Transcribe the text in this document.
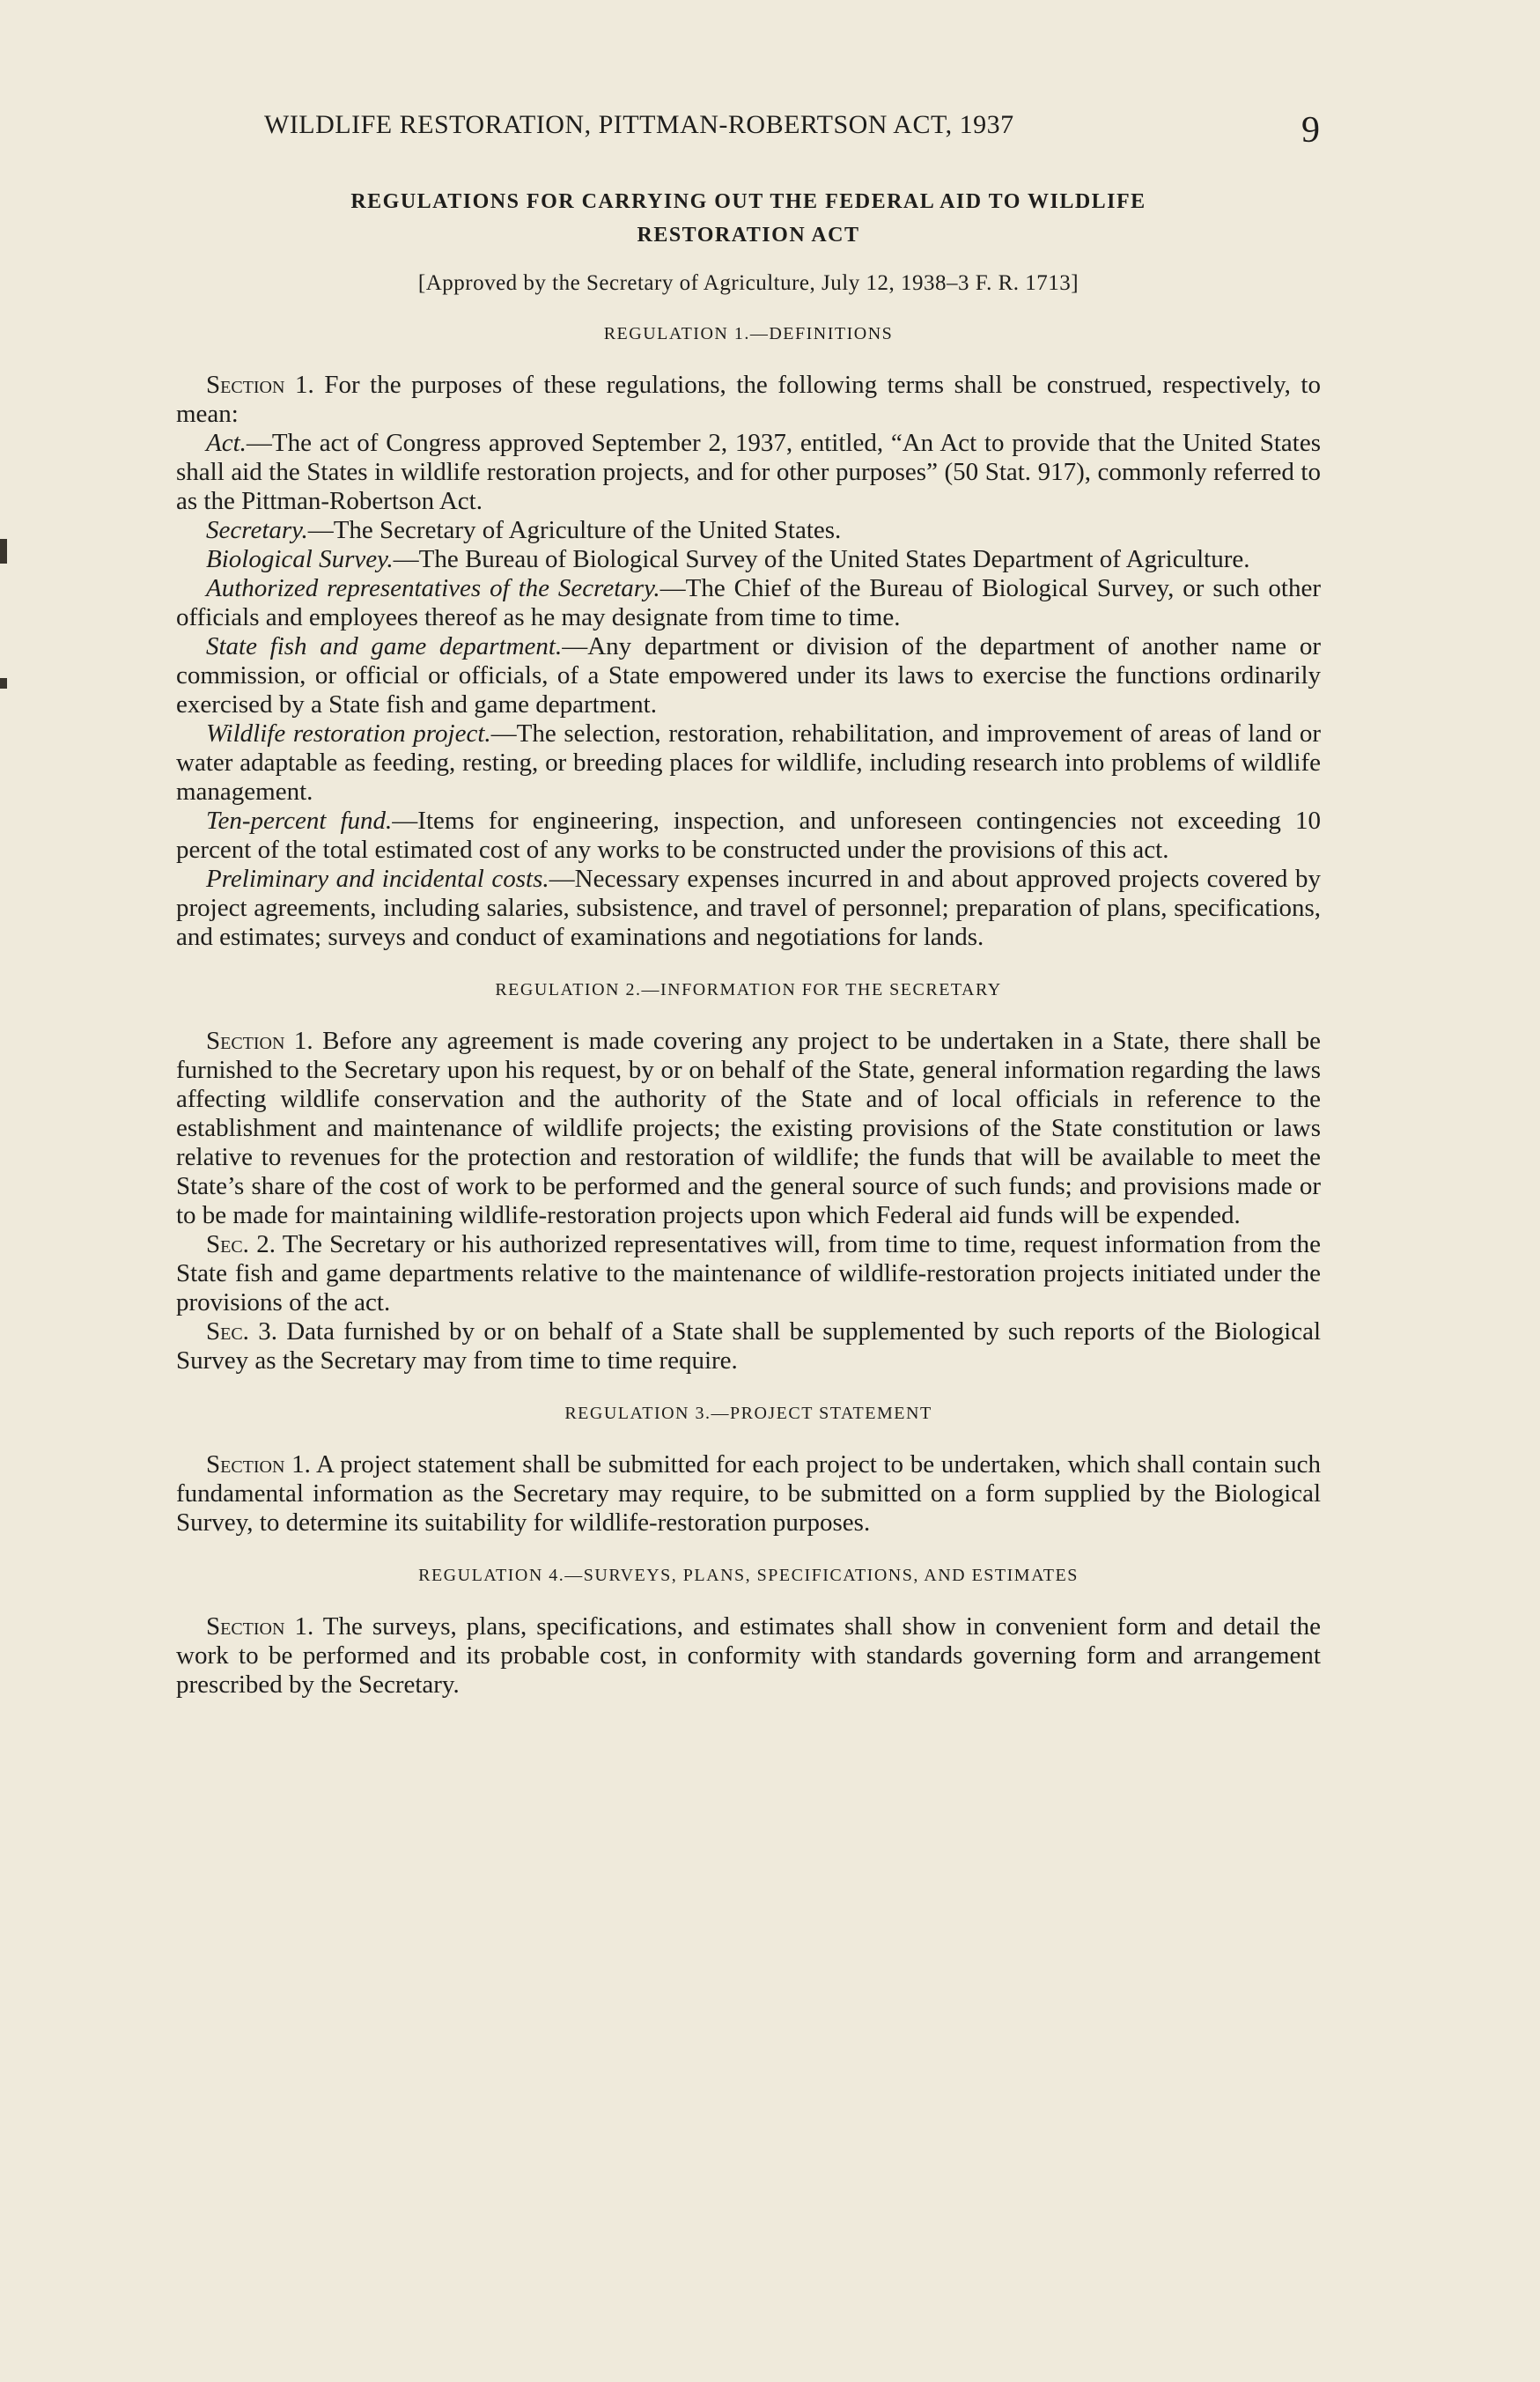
WILDLIFE RESTORATION, PITTMAN-ROBERTSON ACT, 1937	9

REGULATIONS FOR CARRYING OUT THE FEDERAL AID TO WILDLIFE

RESTORATION ACT

[Approved by the Secretary of Agriculture, July 12, 1938–3 F. R. 1713]

REGULATION 1.—DEFINITIONS

Section 1. For the purposes of these regulations, the following terms shall be construed, respectively, to mean:

Act.—The act of Congress approved September 2, 1937, entitled, “An Act to provide that the United States shall aid the States in wildlife restoration projects, and for other purposes” (50 Stat. 917), commonly referred to as the Pittman-Robertson Act.

Secretary.—The Secretary of Agriculture of the United States.

Biological Survey.—The Bureau of Biological Survey of the United States Department of Agriculture.

Authorized representatives of the Secretary.—The Chief of the Bureau of Biological Survey, or such other officials and employees thereof as he may designate from time to time.

State fish and game department.—Any department or division of the department of another name or commission, or official or officials, of a State empowered under its laws to exercise the functions ordinarily exercised by a State fish and game department.

Wildlife restoration project.—The selection, restoration, rehabilitation, and improvement of areas of land or water adaptable as feeding, resting, or breeding places for wildlife, including research into problems of wildlife management.

Ten-percent fund.—Items for engineering, inspection, and unforeseen contingencies not exceeding 10 percent of the total estimated cost of any works to be constructed under the provisions of this act.

Preliminary and incidental costs.—Necessary expenses incurred in and about approved projects covered by project agreements, including salaries, subsistence, and travel of personnel; preparation of plans, specifications, and estimates; surveys and conduct of examinations and negotiations for lands.

REGULATION 2.—INFORMATION FOR THE SECRETARY

Section 1. Before any agreement is made covering any project to be undertaken in a State, there shall be furnished to the Secretary upon his request, by or on behalf of the State, general information regarding the laws affecting wildlife conservation and the authority of the State and of local officials in reference to the establishment and maintenance of wildlife projects; the existing provisions of the State constitution or laws relative to revenues for the protection and restoration of wildlife; the funds that will be available to meet the State’s share of the cost of work to be performed and the general source of such funds; and provisions made or to be made for maintaining wildlife-restoration projects upon which Federal aid funds will be expended.

Sec. 2. The Secretary or his authorized representatives will, from time to time, request information from the State fish and game departments relative to the maintenance of wildlife-restoration projects initiated under the provisions of the act.

Sec. 3. Data furnished by or on behalf of a State shall be supplemented by such reports of the Biological Survey as the Secretary may from time to time require.

REGULATION 3.—PROJECT STATEMENT

Section 1. A project statement shall be submitted for each project to be undertaken, which shall contain such fundamental information as the Secretary may require, to be submitted on a form supplied by the Biological Survey, to determine its suitability for wildlife-restoration purposes.

REGULATION 4.—SURVEYS, PLANS, SPECIFICATIONS, AND ESTIMATES

Section 1. The surveys, plans, specifications, and estimates shall show in convenient form and detail the work to be performed and its probable cost, in conformity with standards governing form and arrangement prescribed by the Secretary.
